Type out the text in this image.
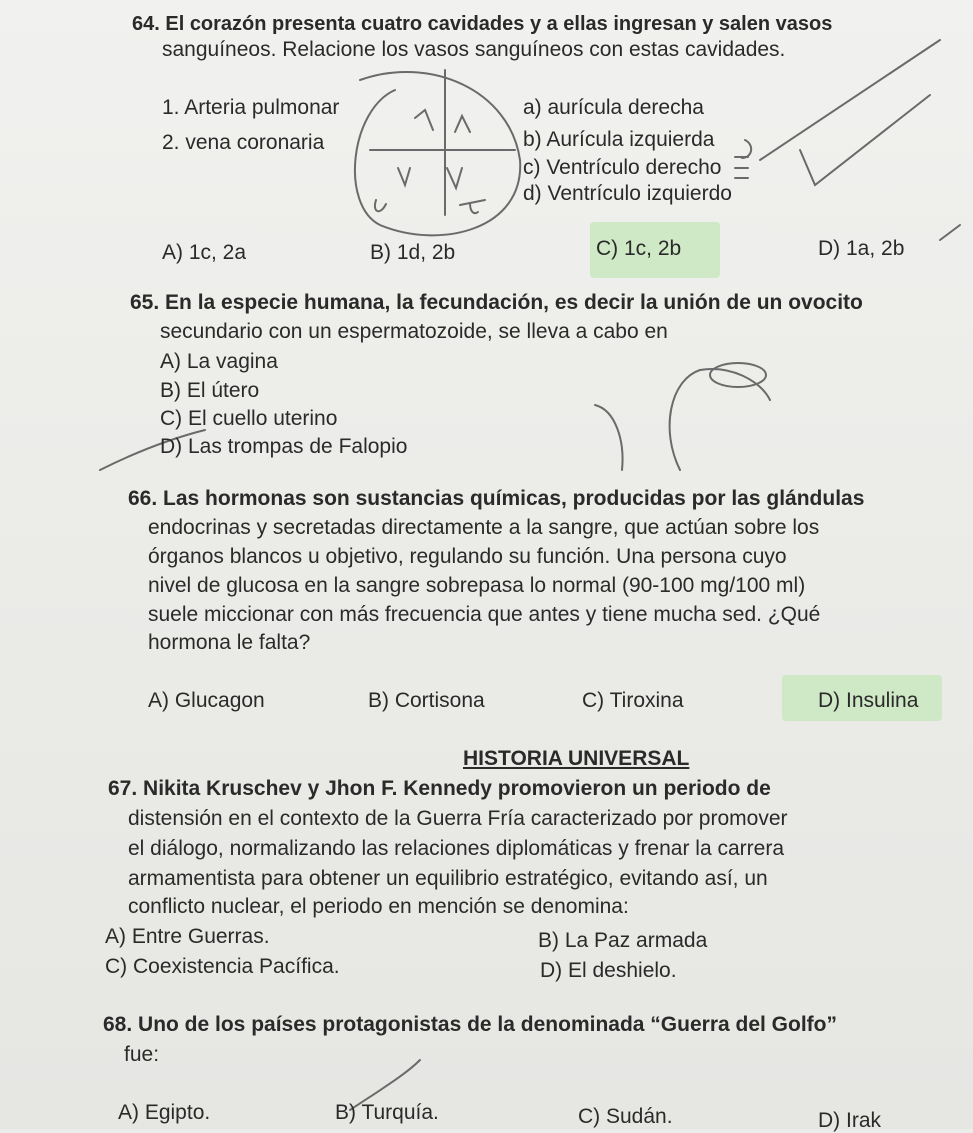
64. El corazón presenta cuatro cavidades y a ellas ingresan y salen vasos
sanguíneos. Relacione los vasos sanguíneos con estas cavidades.
1. Arteria pulmonar
2. vena coronaria
a) aurícula derecha
b) Aurícula izquierda
c) Ventrículo derecho
d) Ventrículo izquierdo
A) 1c, 2a	B) 1d, 2b	C) 1c, 2b	D) 1a, 2b
65. En la especie humana, la fecundación, es decir la unión de un ovocito
secundario con un espermatozoide, se lleva a cabo en
A) La vagina
B) El útero
C) El cuello uterino
D) Las trompas de Falopio
66. Las hormonas son sustancias químicas, producidas por las glándulas
endocrinas y secretadas directamente a la sangre, que actúan sobre los
órganos blancos u objetivo, regulando su función. Una persona cuyo
nivel de glucosa en la sangre sobrepasa lo normal (90-100 mg/100 ml)
suele miccionar con más frecuencia que antes y tiene mucha sed. ¿Qué
hormona le falta?
A) Glucagon	B) Cortisona	C) Tiroxina	D) Insulina
HISTORIA UNIVERSAL
67. Nikita Kruschev y Jhon F. Kennedy promovieron un periodo de
distensión en el contexto de la Guerra Fría caracterizado por promover
el diálogo, normalizando las relaciones diplomáticas y frenar la carrera
armamentista para obtener un equilibrio estratégico, evitando así, un
conflicto nuclear, el periodo en mención se denomina:
A) Entre Guerras.	B) La Paz armada
C) Coexistencia Pacífica.	D) El deshielo.
68. Uno de los países protagonistas de la denominada “Guerra del Golfo”
fue:
A) Egipto.	B) Turquía.	C) Sudán.	D) Irak
